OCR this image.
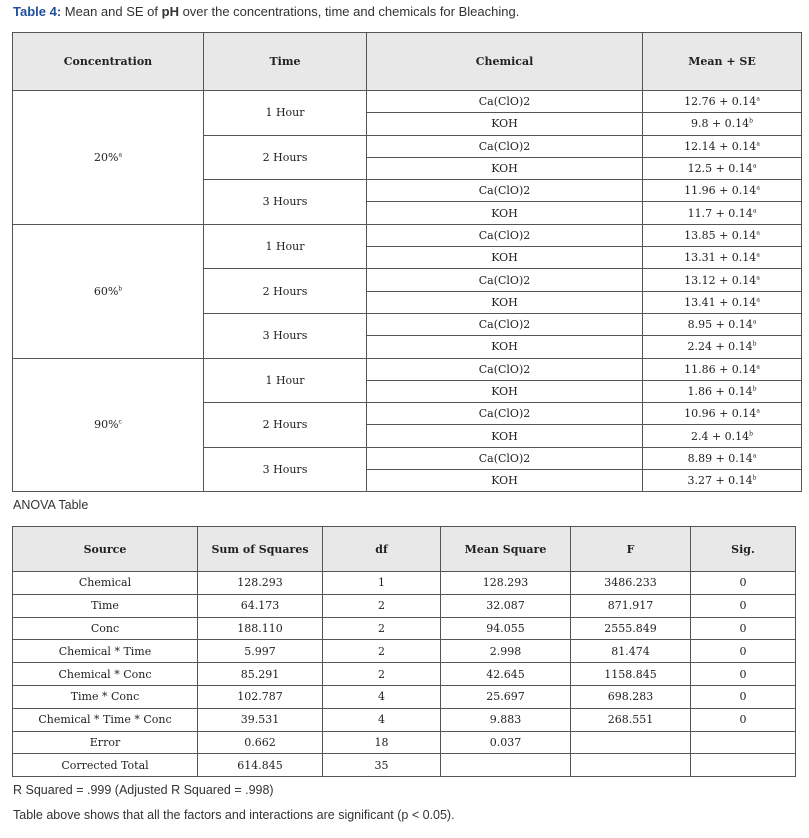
Table 4: Mean and SE of pH over the concentrations, time and chemicals for Bleaching.
Concentration	Time	Chemical	Mean + SE
20%$^a$	1 Hour	Ca(ClO)2	12.76 + 0.14$^a$
		KOH	9.8 + 0.14$^b$
	2 Hours	Ca(ClO)2	12.14 + 0.14$^a$
		KOH	12.5 + 0.14$^a$
	3 Hours	Ca(ClO)2	11.96 + 0.14$^a$
		KOH	11.7 + 0.14$^a$
60%$^b$	1 Hour	Ca(ClO)2	13.85 + 0.14$^a$
		KOH	13.31 + 0.14$^a$
	2 Hours	Ca(ClO)2	13.12 + 0.14$^a$
		KOH	13.41 + 0.14$^a$
	3 Hours	Ca(ClO)2	8.95 + 0.14$^a$
		KOH	2.24 + 0.14$^b$
90%$^c$	1 Hour	Ca(ClO)2	11.86 + 0.14$^a$
		KOH	1.86 + 0.14$^b$
	2 Hours	Ca(ClO)2	10.96 + 0.14$^a$
		KOH	2.4 + 0.14$^b$
	3 Hours	Ca(ClO)2	8.89 + 0.14$^a$
		KOH	3.27 + 0.14$^b$
ANOVA Table
Source	Sum of Squares	df	Mean Square	F	Sig.
Chemical	128.293	1	128.293	3486.233	0
Time	64.173	2	32.087	871.917	0
Conc	188.110	2	94.055	2555.849	0
Chemical * Time	5.997	2	2.998	81.474	0
Chemical * Conc	85.291	2	42.645	1158.845	0
Time * Conc	102.787	4	25.697	698.283	0
Chemical * Time * Conc	39.531	4	9.883	268.551	0
Error	0.662	18	0.037		
Corrected Total	614.845	35			
R Squared = .999 (Adjusted R Squared = .998)
Table above shows that all the factors and interactions are significant (p < 0.05).
